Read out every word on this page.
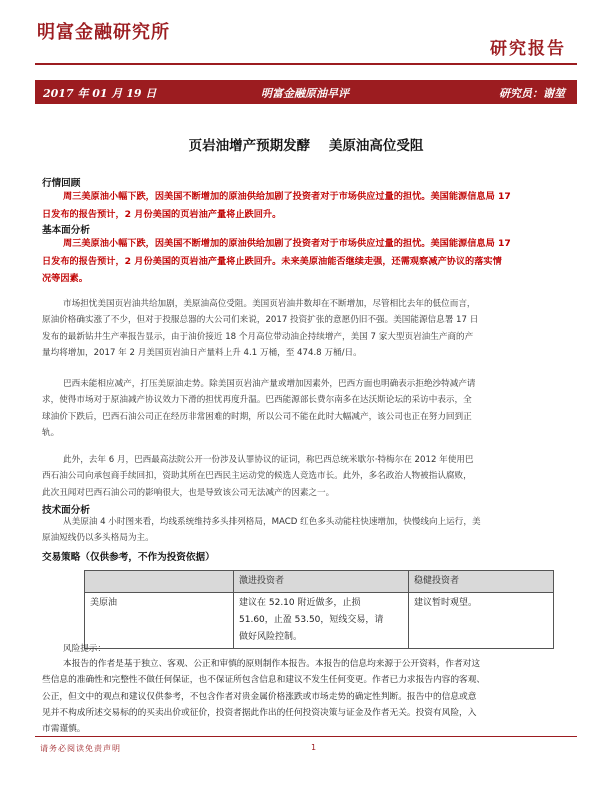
明富金融研究所
研究报告
2017 年 01 月 19 日	明富金融原油早评	研究员：谢堃
页岩油增产预期发酵    美原油高位受阻
行情回顾
周三美原油小幅下跌，因美国不断增加的原油供给加剧了投资者对于市场供应过量的担忧。美国能源信息局 17
日发布的报告预计，2 月份美国的页岩油产量将止跌回升。
基本面分析
周三美原油小幅下跌，因美国不断增加的原油供给加剧了投资者对于市场供应过量的担忧。美国能源信息局 17
日发布的报告预计，2 月份美国的页岩油产量将止跌回升。未来美原油能否继续走强，还需观察减产协议的落实情
况等因素。
市场担忧美国页岩油共给加剧，美原油高位受阻。美国页岩油井数却在不断增加，尽管相比去年的低位而言，
原油价格确实涨了不少，但对于投服总器的大公司们来说，2017 投资扩张的意愿仍旧不强。美国能源信息署 17 日
发布的最新钻井生产率报告显示，由于油价接近 18 个月高位带动油企持续增产，美国 7 家大型页岩油生产商的产
量均将增加，2017 年 2 月美国页岩油日产量料上升 4.1 万桶，至 474.8 万桶/日。
巴西未能相应减产，打压美原油走势。除美国页岩油产量或增加因素外，巴西方面也明确表示拒绝沙特减产请
求，使得市场对于原油减产协议效力下滑的担忧再度升温。巴西能源部长费尔南多在达沃斯论坛的采访中表示，全
球油价下跌后，巴西石油公司正在经历非常困难的时期，所以公司不能在此时大幅减产，该公司也正在努力回到正
轨。
此外，去年 6 月，巴西最高法院公开一份涉及认罪协议的证词，称巴西总统米歇尔·特梅尔在 2012 年使用巴
西石油公司向承包商手续回扣，资助其所在巴西民主运动党的候选人竞选市长。此外，多名政治人物被指认腐败，
此次丑闻对巴西石油公司的影响很大，也是导致该公司无法减产的因素之一。
技术面分析
从美原油 4 小时图来看，均线系统维持多头排列格局，MACD 红色多头动能柱快速增加，快慢线向上运行，美
原油短线仍以多头格局为主。
交易策略（仅供参考，不作为投资依据）
	激进投资者	稳健投资者
美原油	建议在 52.10 附近做多，止损
51.60，止盈 53.50，短线交易，请
做好风险控制。	建议暂时观望。
风险提示：
本报告的作者是基于独立、客观、公正和审慎的原则制作本报告。本报告的信息均来源于公开资料，作者对这
些信息的准确性和完整性不做任何保证，也不保证所包含信息和建议不发生任何变更。作者已力求报告内容的客观、
公正，但文中的观点和建议仅供参考，不包含作者对贵金属价格涨跌或市场走势的确定性判断。报告中的信息或意
见并不构成所述交易标的的买卖出价或征价，投资者据此作出的任何投资决策与证金及作者无关。投资有风险，入
市需谨慎。
请务必阅读免责声明	1
